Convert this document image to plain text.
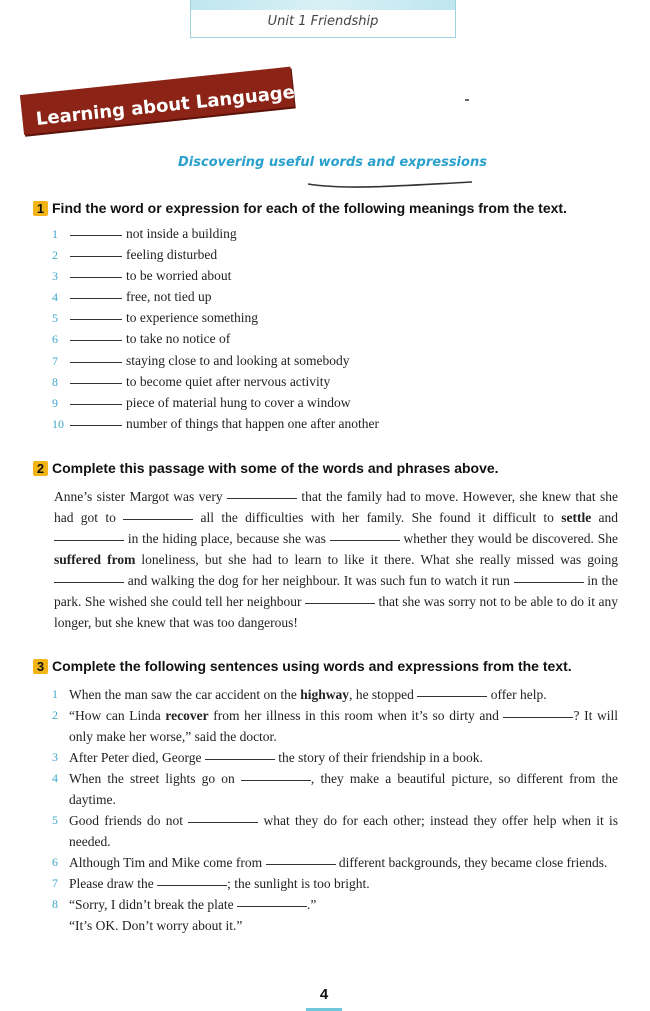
Unit 1 Friendship
Learning about Language
Discovering useful words and expressions
1 Find the word or expression for each of the following meanings from the text.
1	not inside a building
2	feeling disturbed
3	to be worried about
4	free, not tied up
5	to experience something
6	to take no notice of
7	staying close to and looking at somebody
8	to become quiet after nervous activity
9	piece of material hung to cover a window
10	number of things that happen one after another
2 Complete this passage with some of the words and phrases above.
Anne’s sister Margot was very	that the family had to move. However, she knew that she had got to	all the difficulties with her family. She found it difficult to settle and  in the hiding place, because she was	whether they would be discovered. She suffered from loneliness, but she had to learn to like it there. What she really missed was going  and walking the dog for her neighbour. It was such fun to watch it run	in the park. She wished she could tell her neighbour	that she was sorry not to be able to do it any longer, but she knew that was too dangerous!
3 Complete the following sentences using words and expressions from the text.
1 When the man saw the car accident on the highway, he stopped	offer help.
2 “How can Linda recover from her illness in this room when it’s so dirty and	? It will only make her worse,” said the doctor.
3 After Peter died, George	the story of their friendship in a book.
4 When the street lights go on	, they make a beautiful picture, so different from the daytime.
5 Good friends do not	what they do for each other; instead they offer help when it is needed.
6 Although Tim and Mike come from	different backgrounds, they became close friends.
7 Please draw the	; the sunlight is too bright.
8 “Sorry, I didn’t break the plate	.”
“It’s OK. Don’t worry about it.”
4
